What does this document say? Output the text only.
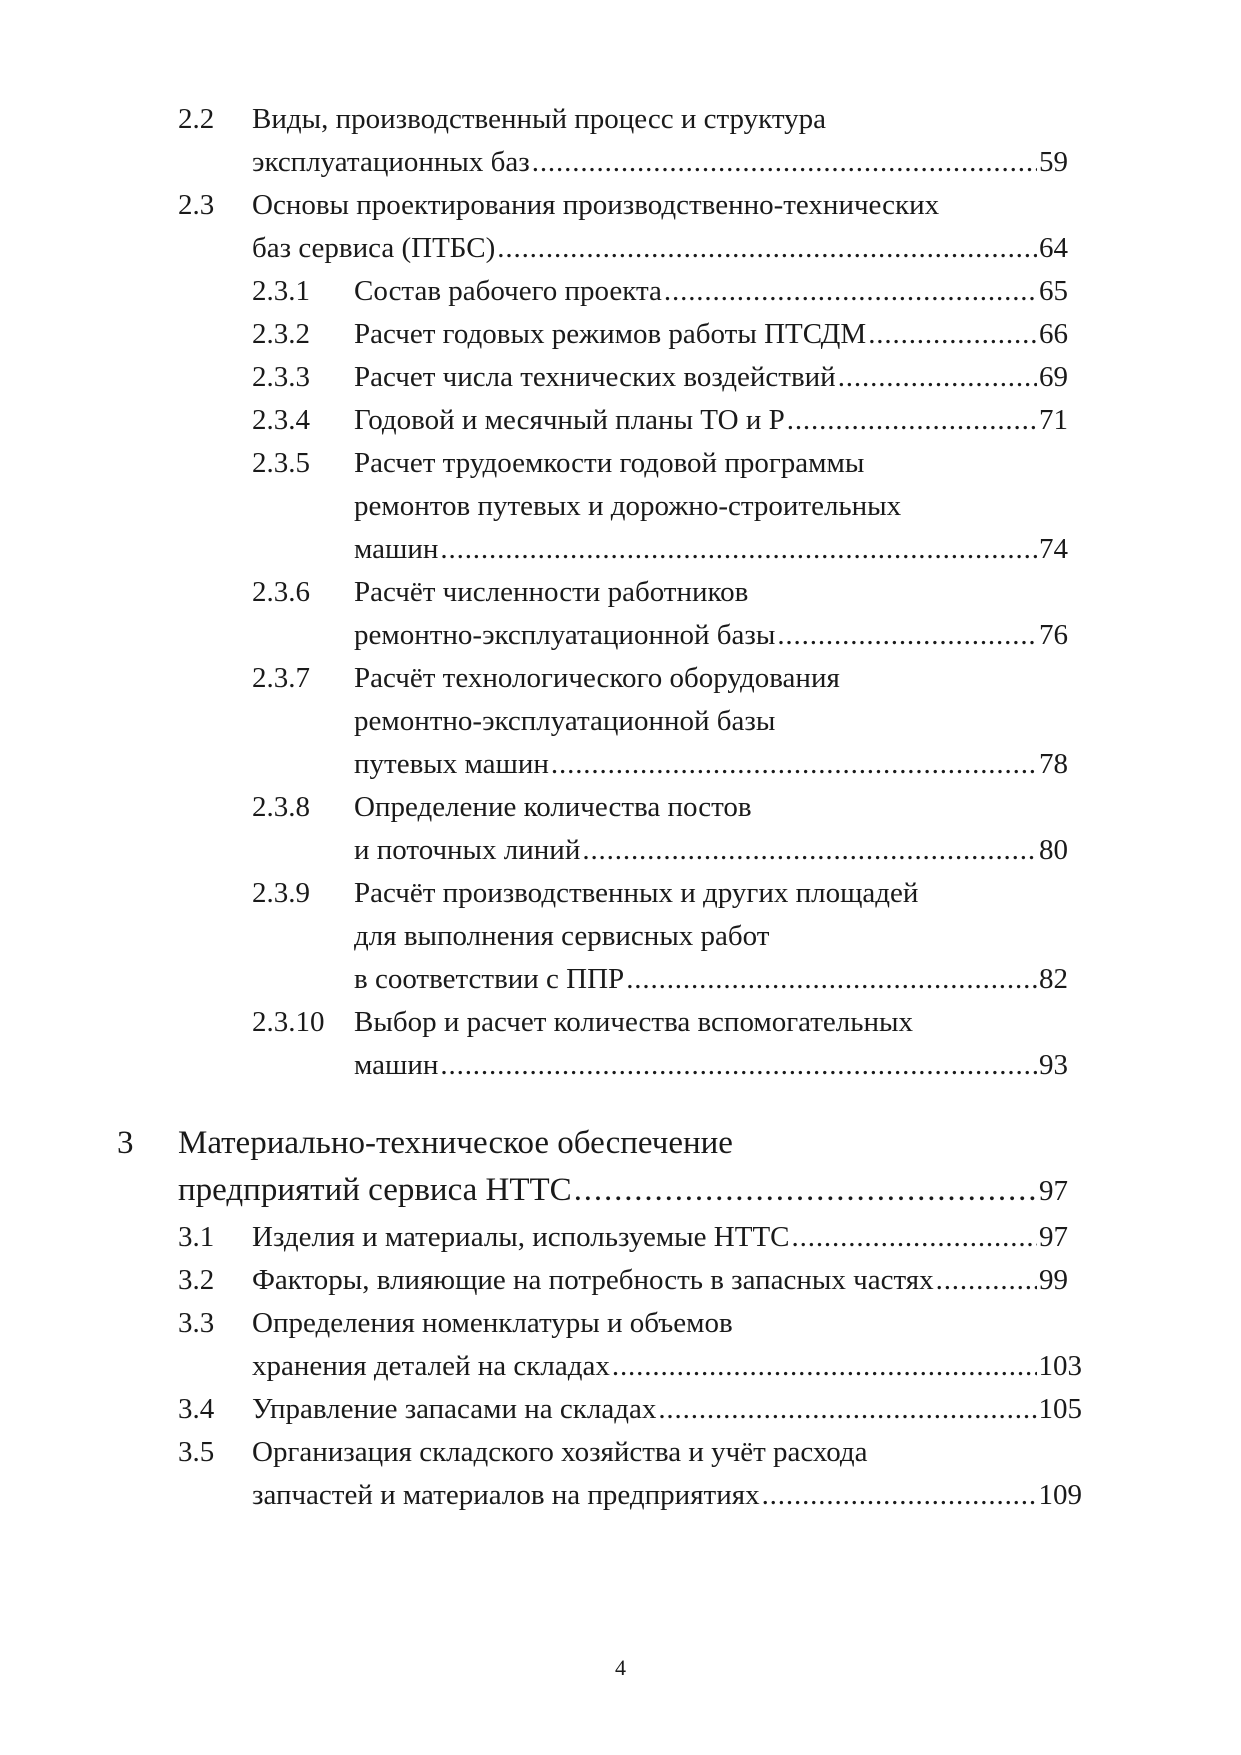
2.2 Виды, производственный процесс и структура
эксплуатационных баз . . .	59
2.3 Основы проектирования производственно-технических
баз сервиса (ПТБС) . . .	64
2.3.1 Состав рабочего проекта . . .	65
2.3.2 Расчет годовых режимов работы ПТСДМ . . .	66
2.3.3 Расчет числа технических воздействий . . .	69
2.3.4 Годовой и месячный планы ТО и Р . . .	71
2.3.5 Расчет трудоемкости годовой программы
ремонтов путевых и дорожно-строительных
машин . . .	74
2.3.6 Расчёт численности работников
ремонтно-эксплуатационной базы . . .	76
2.3.7 Расчёт технологического оборудования
ремонтно-эксплуатационной базы
путевых машин . . .	78
2.3.8 Определение количества постов
и поточных линий . . .	80
2.3.9 Расчёт производственных и других площадей
для выполнения сервисных работ
в соответствии с ППР . . .	82
2.3.10 Выбор и расчет количества вспомогательных
машин . . .	93
3 Материально-техническое обеспечение
предприятий сервиса НТТС . . .	97
3.1 Изделия и материалы, используемые НТТС . . .	97
3.2 Факторы, влияющие на потребность в запасных частях . . .	99
3.3 Определения номенклатуры и объемов
хранения деталей на складах . . .	103
3.4 Управление запасами на складах . . .	105
3.5 Организация складского хозяйства и учёт расхода
запчастей и материалов на предприятиях . . .	109
4
